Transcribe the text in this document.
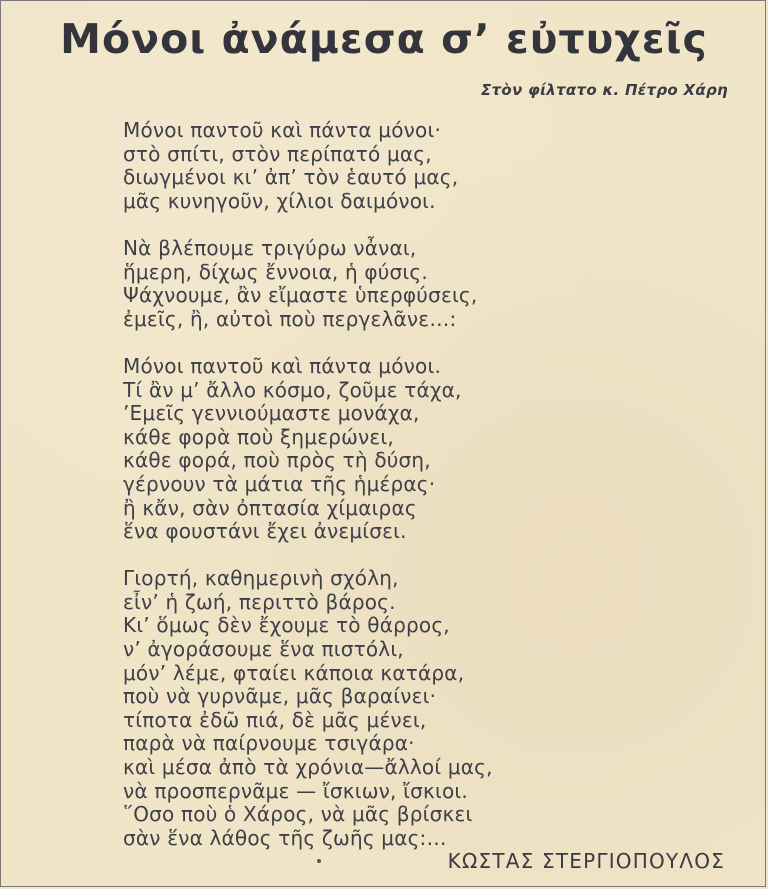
Μόνοι ἀνάμεσα σ’ εὐτυχεῖς
Στὸν φίλτατο κ. Πέτρο Χάρη
Μόνοι παντοῦ καὶ πάντα μόνοι·
στὸ σπίτι, στὸν περίπατό μας,
διωγμένοι κι’ ἀπ’ τὸν ἑαυτό μας,
μᾶς κυνηγοῦν, χίλιοι δαιμόνοι.
Νὰ βλέπουμε τριγύρω νἆναι,
ἥμερη, δίχως ἔννοια, ἡ φύσις.
Ψάχνουμε, ἂν εἴμαστε ὑπερφύσεις,
ἐμεῖς, ἢ, αὐτοὶ ποὺ περγελᾶνε…:
Μόνοι παντοῦ καὶ πάντα μόνοι.
Τί ἂν μ’ ἄλλο κόσμο, ζοῦμε τάχα,
’Εμεῖς γεννιούμαστε μονάχα,
κάθε φορὰ ποὺ ξημερώνει,
κάθε φορά, ποὺ πρὸς τὴ δύση,
γέρνουν τὰ μάτια τῆς ἡμέρας·
ἢ κἄν, σὰν ὀπτασία χίμαιρας
ἕνα φουστάνι ἔχει ἀνεμίσει.
Γιορτή, καθημερινὴ σχόλη,
εἶν’ ἡ ζωή, περιττὸ βάρος.
Κι’ ὅμως δὲν ἔχουμε τὸ θάρρος,
ν’ ἀγοράσουμε ἕνα πιστόλι,
μόν’ λέμε, φταίει κάποια κατάρα,
ποὺ νὰ γυρνᾶμε, μᾶς βαραίνει·
τίποτα ἐδῶ πιά, δὲ μᾶς μένει,
παρὰ νὰ παίρνουμε τσιγάρα·
καὶ μέσα ἀπὸ τὰ χρόνια—ἄλλοί μας,
νὰ προσπερνᾶμε — ἴσκιων, ἴσκιοι.
῞Οσο ποὺ ὁ Χάρος, νὰ μᾶς βρίσκει
σὰν ἕνα λάθος τῆς ζωῆς μας:…
ΚΩΣΤΑΣ ΣΤΕΡΓΙΟΠΟΥΛΟΣ
